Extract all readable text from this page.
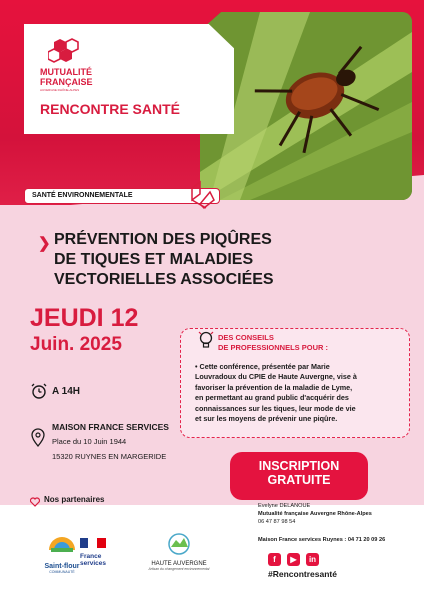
MUTUALITÉ FRANÇAISE
AUVERGNE RHÔNE-ALPES
RENCONTRE SANTÉ
SANTÉ ENVIRONNEMENTALE
❯ PRÉVENTION DES PIQÛRES
DE TIQUES ET MALADIES
VECTORIELLES ASSOCIÉES
JEUDI 12
Juin. 2025	DES CONSEILS
DE PROFESSIONNELS POUR :
• Cette conférence, présentée par Marie
Louvradoux du CPIE de Haute Auvergne, vise à
favoriser la prévention de la maladie de Lyme,
en permettant au grand public d'acquérir des
connaissances sur les tiques, leur mode de vie
et sur les moyens de prévenir une piqûre.
A 14H
MAISON FRANCE SERVICES
Place du 10 Juin 1944
15320 RUYNES EN MARGERIDE
INSCRIPTION
GRATUITE
Nos partenaires
Evelyne DELANOUE
Mutualité française Auvergne Rhône-Alpes
06 47 87 98 54
Maison France services Ruynes : 04 71 20 09 26
f	▶	in
#Rencontresanté
Saint-flour
COMMUNAUTÉ
France
services	HAUTE AUVERGNE
Artisan du changement environnemental
